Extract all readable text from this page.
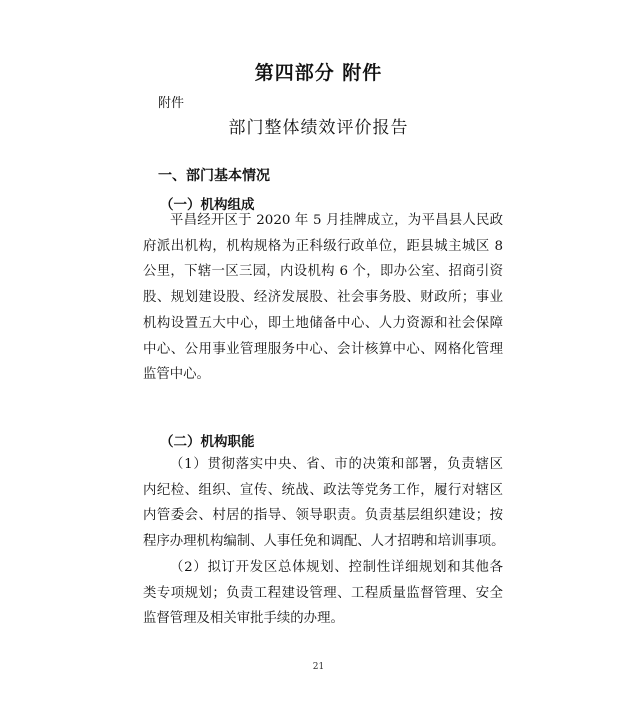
第四部分 附件
附件
部门整体绩效评价报告
一、部门基本情况
（一）机构组成
平昌经开区于 2020 年 5 月挂牌成立，为平昌县人民政
府派出机构，机构规格为正科级行政单位，距县城主城区 8
公里，下辖一区三园，内设机构 6 个，即办公室、招商引资
股、规划建设股、经济发展股、社会事务股、财政所；事业
机构设置五大中心，即土地储备中心、人力资源和社会保障
中心、公用事业管理服务中心、会计核算中心、网格化管理
监管中心。
（二）机构职能
（1）贯彻落实中央、省、市的决策和部署，负责辖区
内纪检、组织、宣传、统战、政法等党务工作，履行对辖区
内管委会、村居的指导、领导职责。负责基层组织建设；按
程序办理机构编制、人事任免和调配、人才招聘和培训事项。
（2）拟订开发区总体规划、控制性详细规划和其他各
类专项规划；负责工程建设管理、工程质量监督管理、安全
监督管理及相关审批手续的办理。
21
